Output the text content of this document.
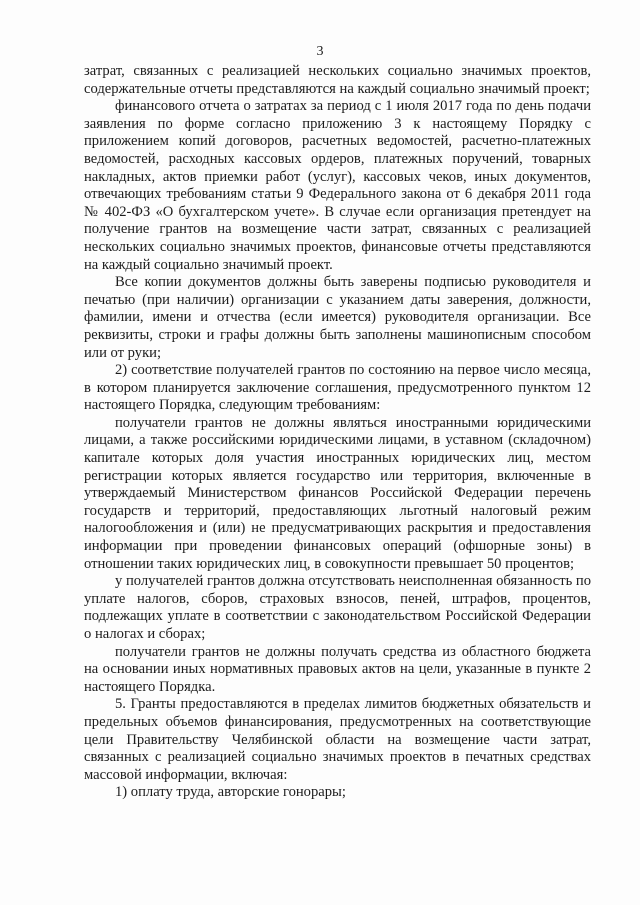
3

затрат, связанных с реализацией нескольких социально значимых проектов, содержательные отчеты представляются на каждый социально значимый проект;

финансового отчета о затратах за период с 1 июля 2017 года по день подачи заявления по форме согласно приложению 3 к настоящему Порядку с приложением копий договоров, расчетных ведомостей, расчетно-платежных ведомостей, расходных кассовых ордеров, платежных поручений, товарных накладных, актов приемки работ (услуг), кассовых чеков, иных документов, отвечающих требованиям статьи 9 Федерального закона от 6 декабря 2011 года № 402-ФЗ «О бухгалтерском учете». В случае если организация претендует на получение грантов на возмещение части затрат, связанных с реализацией нескольких социально значимых проектов, финансовые отчеты представляются на каждый социально значимый проект.

Все копии документов должны быть заверены подписью руководителя и печатью (при наличии) организации с указанием даты заверения, должности, фамилии, имени и отчества (если имеется) руководителя организации. Все реквизиты, строки и графы должны быть заполнены машинописным способом или от руки;

2) соответствие получателей грантов по состоянию на первое число месяца, в котором планируется заключение соглашения, предусмотренного пунктом 12 настоящего Порядка, следующим требованиям:

получатели грантов не должны являться иностранными юридическими лицами, а также российскими юридическими лицами, в уставном (складочном) капитале которых доля участия иностранных юридических лиц, местом регистрации которых является государство или территория, включенные в утверждаемый Министерством финансов Российской Федерации перечень государств и территорий, предоставляющих льготный налоговый режим налогообложения и (или) не предусматривающих раскрытия и предоставления информации при проведении финансовых операций (офшорные зоны) в отношении таких юридических лиц, в совокупности превышает 50 процентов;

у получателей грантов должна отсутствовать неисполненная обязанность по уплате налогов, сборов, страховых взносов, пеней, штрафов, процентов, подлежащих уплате в соответствии с законодательством Российской Федерации о налогах и сборах;

получатели грантов не должны получать средства из областного бюджета на основании иных нормативных правовых актов на цели, указанные в пункте 2 настоящего Порядка.

5. Гранты предоставляются в пределах лимитов бюджетных обязательств и предельных объемов финансирования, предусмотренных на соответствующие цели Правительству Челябинской области на возмещение части затрат, связанных с реализацией социально значимых проектов в печатных средствах массовой информации, включая:

1) оплату труда, авторские гонорары;
